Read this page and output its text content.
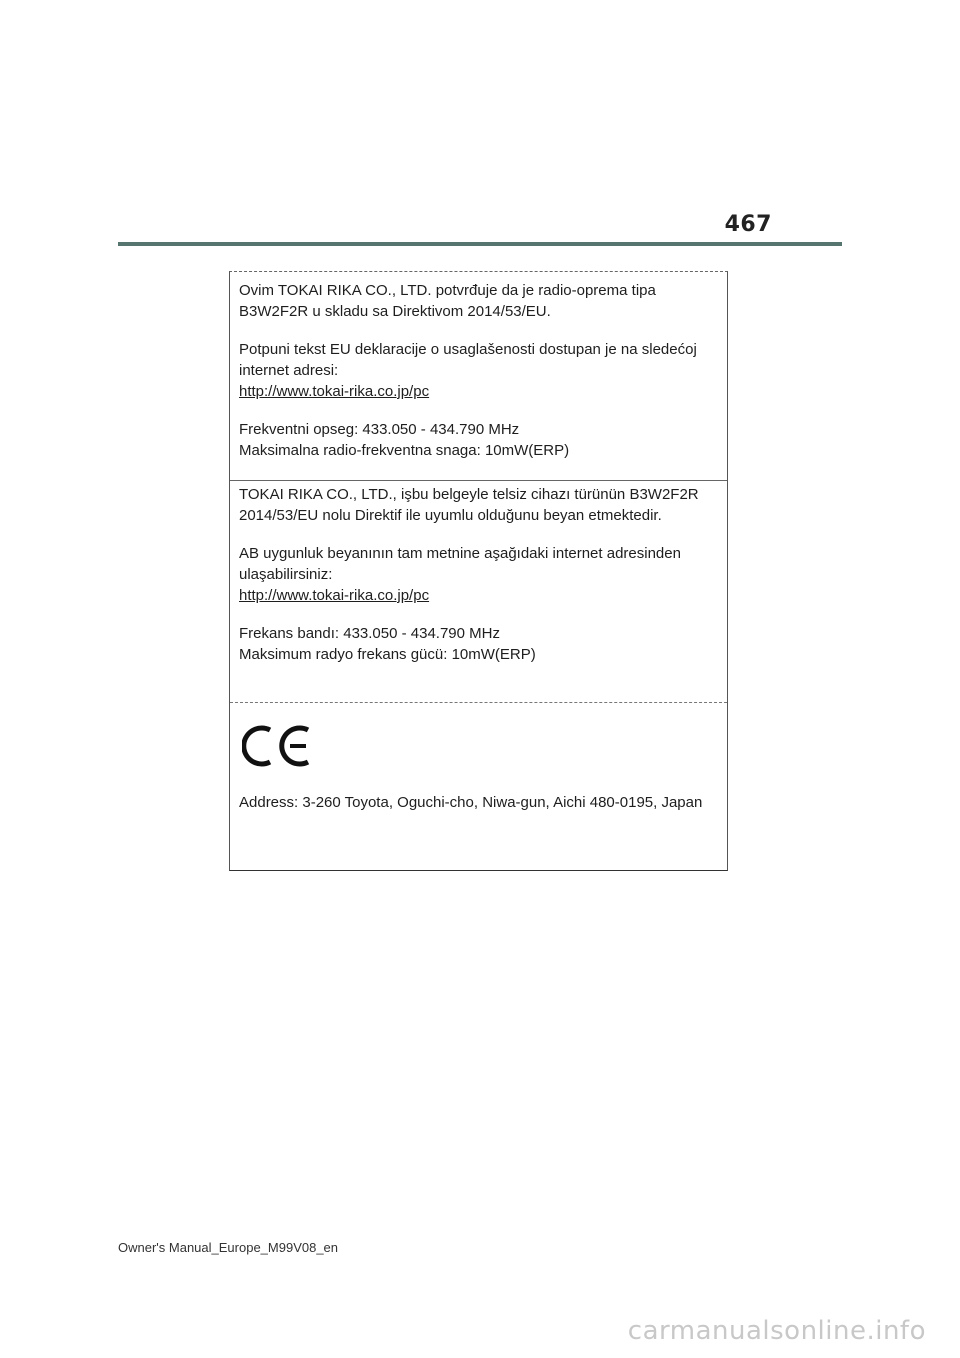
467

Ovim TOKAI RIKA CO., LTD. potvrđuje da je radio-oprema tipa

B3W2F2R u skladu sa Direktivom 2014/53/EU.

Potpuni tekst EU deklaracije o usaglašenosti dostupan je na sledećoj

internet adresi:

http://www.tokai-rika.co.jp/pc

Frekventni opseg: 433.050 - 434.790 MHz

Maksimalna radio-frekventna snaga: 10mW(ERP)

TOKAI RIKA CO., LTD., işbu belgeyle telsiz cihazı türünün B3W2F2R

2014/53/EU nolu Direktif ile uyumlu olduğunu beyan etmektedir.

AB uygunluk beyanının tam metnine aşağıdaki internet adresinden

ulaşabilirsiniz:

http://www.tokai-rika.co.jp/pc

Frekans bandı: 433.050 - 434.790 MHz

Maksimum radyo frekans gücü: 10mW(ERP)

Address: 3-260 Toyota, Oguchi-cho, Niwa-gun, Aichi 480-0195, Japan
Owner's Manual_Europe_M99V08_en
carmanualsonline.info
